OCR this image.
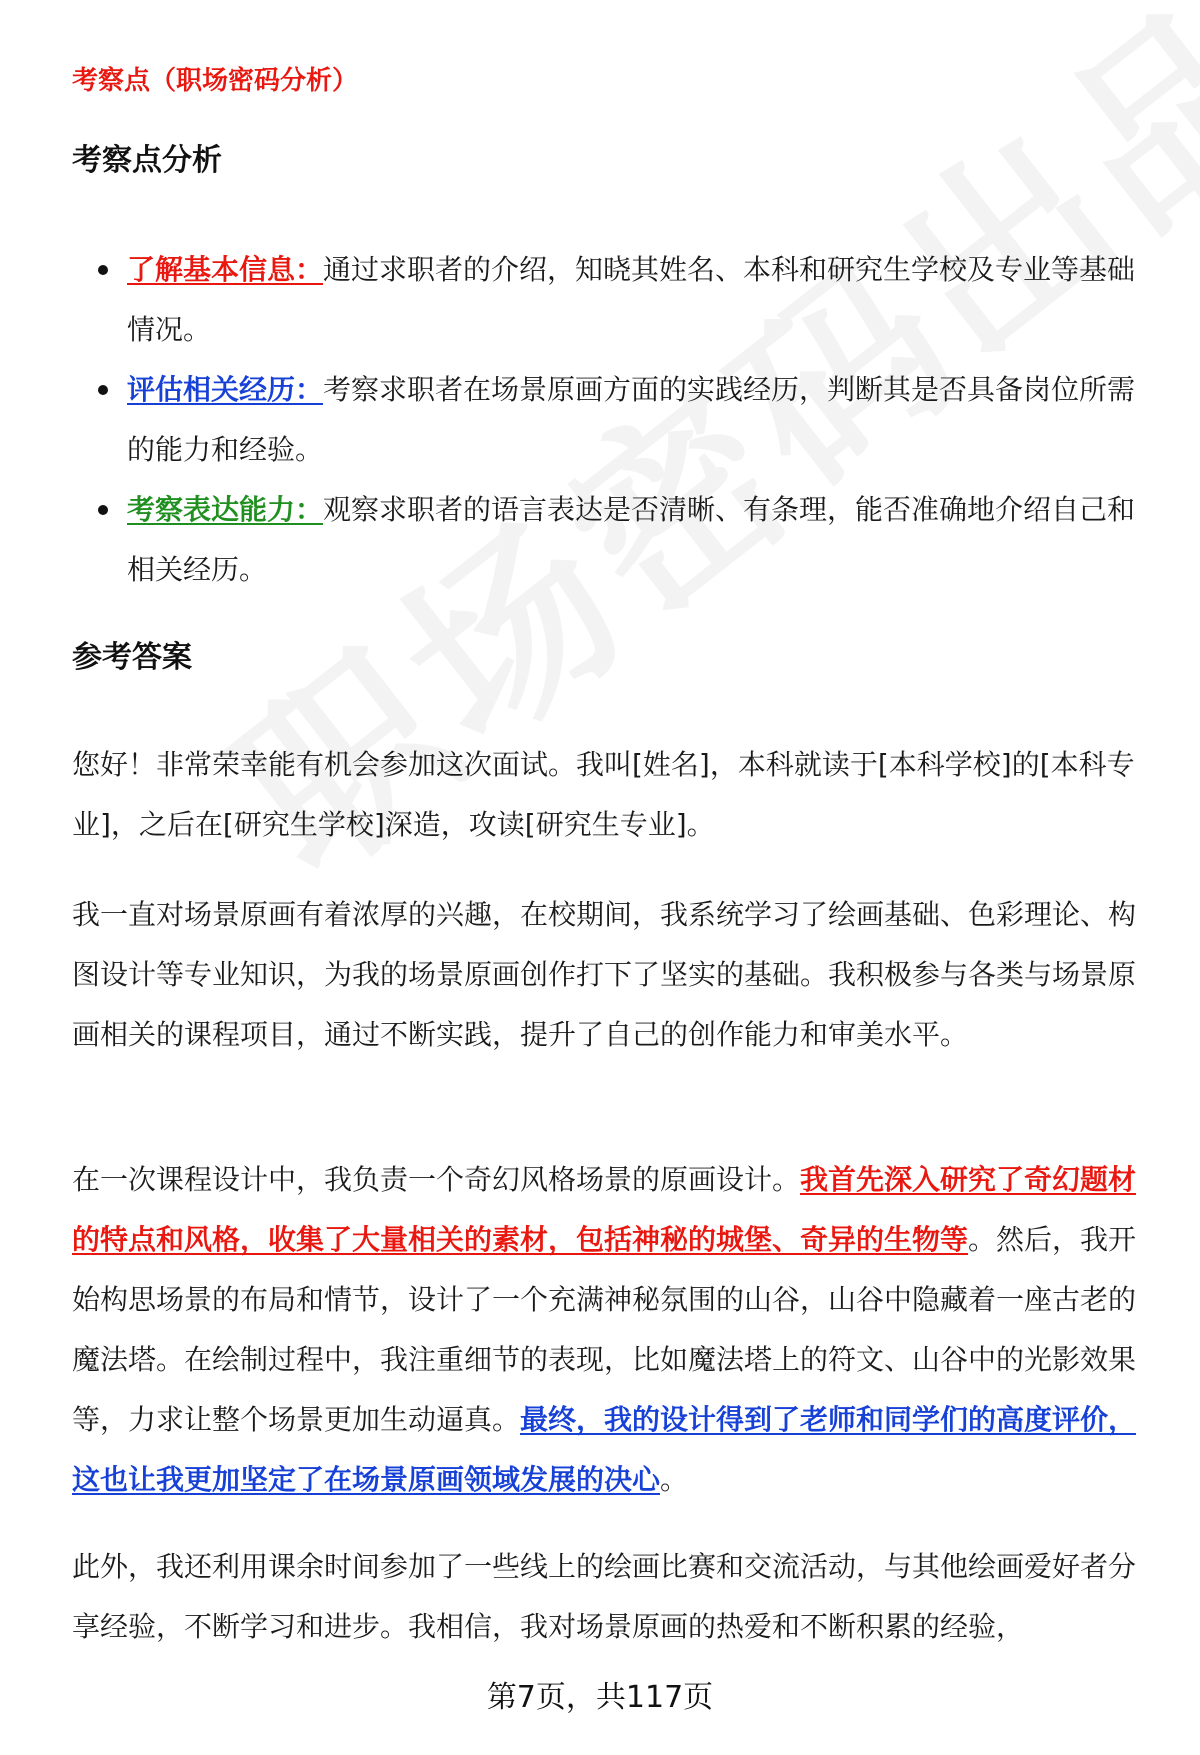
考察点（职场密码分析）
考察点分析
了解基本信息：通过求职者的介绍，知晓其姓名、本科和研究生学校及专业等基础情况。
评估相关经历：考察求职者在场景原画方面的实践经历，判断其是否具备岗位所需的能力和经验。
考察表达能力：观察求职者的语言表达是否清晰、有条理，能否准确地介绍自己和相关经历。
参考答案

您好！非常荣幸能有机会参加这次面试。我叫[姓名]，本科就读于[本科学校]的[本科专业]，之后在[研究生学校]深造，攻读[研究生专业]。

我一直对场景原画有着浓厚的兴趣，在校期间，我系统学习了绘画基础、色彩理论、构图设计等专业知识，为我的场景原画创作打下了坚实的基础。我积极参与各类与场景原画相关的课程项目，通过不断实践，提升了自己的创作能力和审美水平。

在一次课程设计中，我负责一个奇幻风格场景的原画设计。我首先深入研究了奇幻题材的特点和风格，收集了大量相关的素材，包括神秘的城堡、奇异的生物等。然后，我开始构思场景的布局和情节，设计了一个充满神秘氛围的山谷，山谷中隐藏着一座古老的魔法塔。在绘制过程中，我注重细节的表现，比如魔法塔上的符文、山谷中的光影效果等，力求让整个场景更加生动逼真。最终，我的设计得到了老师和同学们的高度评价，这也让我更加坚定了在场景原画领域发展的决心。

此外，我还利用课余时间参加了一些线上的绘画比赛和交流活动，与其他绘画爱好者分享经验，不断学习和进步。我相信，我对场景原画的热爱和不断积累的经验，

第7页，共117页
